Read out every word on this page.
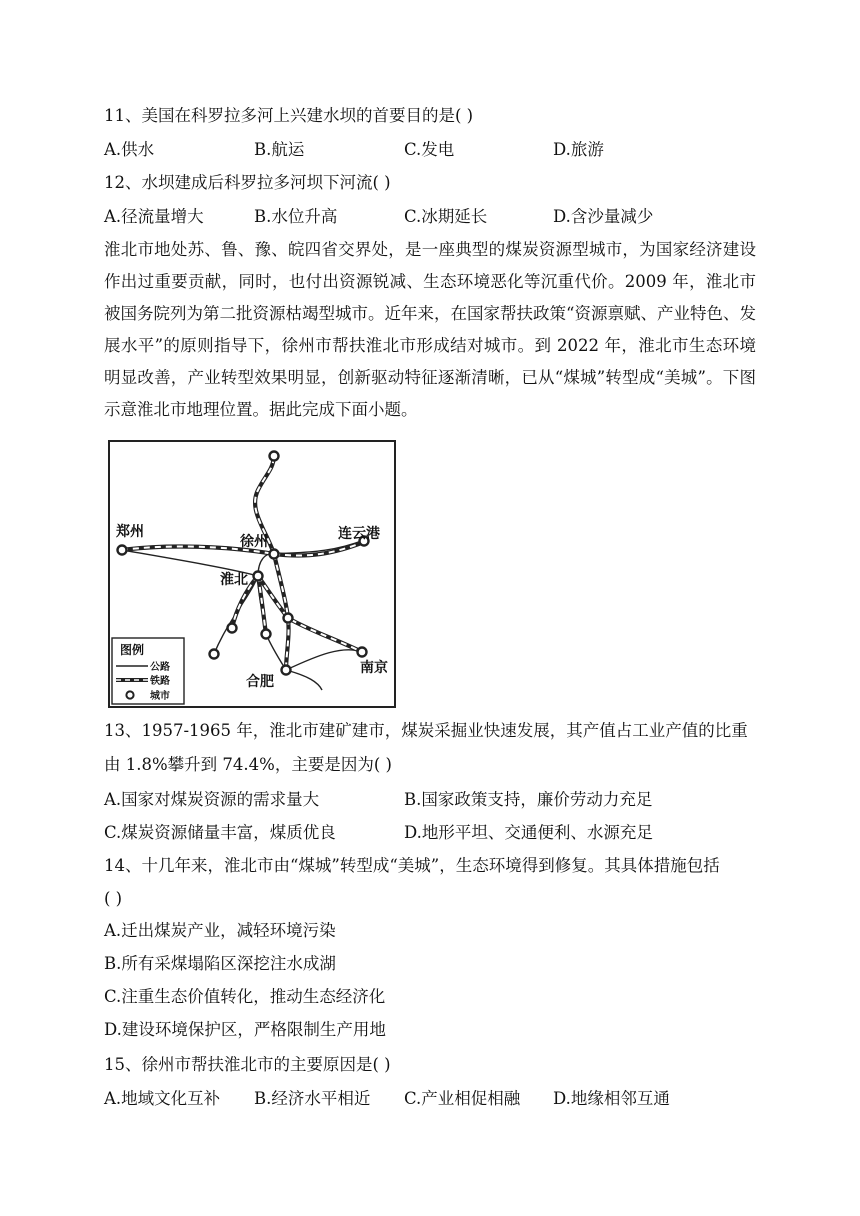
11、美国在科罗拉多河上兴建水坝的首要目的是( )
A.供水	B.航运	C.发电	D.旅游
12、水坝建成后科罗拉多河坝下河流( )
A.径流量增大	B.水位升高	C.冰期延长	D.含沙量减少
淮北市地处苏、鲁、豫、皖四省交界处，是一座典型的煤炭资源型城市，为国家经济建设作出过重要贡献，同时，也付出资源锐减、生态环境恶化等沉重代价。2009 年，淮北市被国务院列为第二批资源枯竭型城市。近年来，在国家帮扶政策“资源禀赋、产业特色、发展水平”的原则指导下，徐州市帮扶淮北市形成结对城市。到 2022 年，淮北市生态环境明显改善，产业转型效果明显，创新驱动特征逐渐清晰，已从“煤城”转型成“美城”。下图示意淮北市地理位置。据此完成下面小题。
郑州
徐州	连云港
淮北
合肥
南京
图例
公路
铁路
城市
13、1957-1965 年，淮北市建矿建市，煤炭采掘业快速发展，其产值占工业产值的比重
由 1.8%攀升到 74.4%，主要是因为( )
A.国家对煤炭资源的需求量大	B.国家政策支持，廉价劳动力充足
C.煤炭资源储量丰富，煤质优良	D.地形平坦、交通便利、水源充足
14、十几年来，淮北市由“煤城”转型成“美城”，生态环境得到修复。其具体措施包括
( )
A.迁出煤炭产业，减轻环境污染
B.所有采煤塌陷区深挖注水成湖
C.注重生态价值转化，推动生态经济化
D.建设环境保护区，严格限制生产用地
15、徐州市帮扶淮北市的主要原因是( )
A.地域文化互补 B.经济水平相近 C.产业相促相融 D.地缘相邻互通
